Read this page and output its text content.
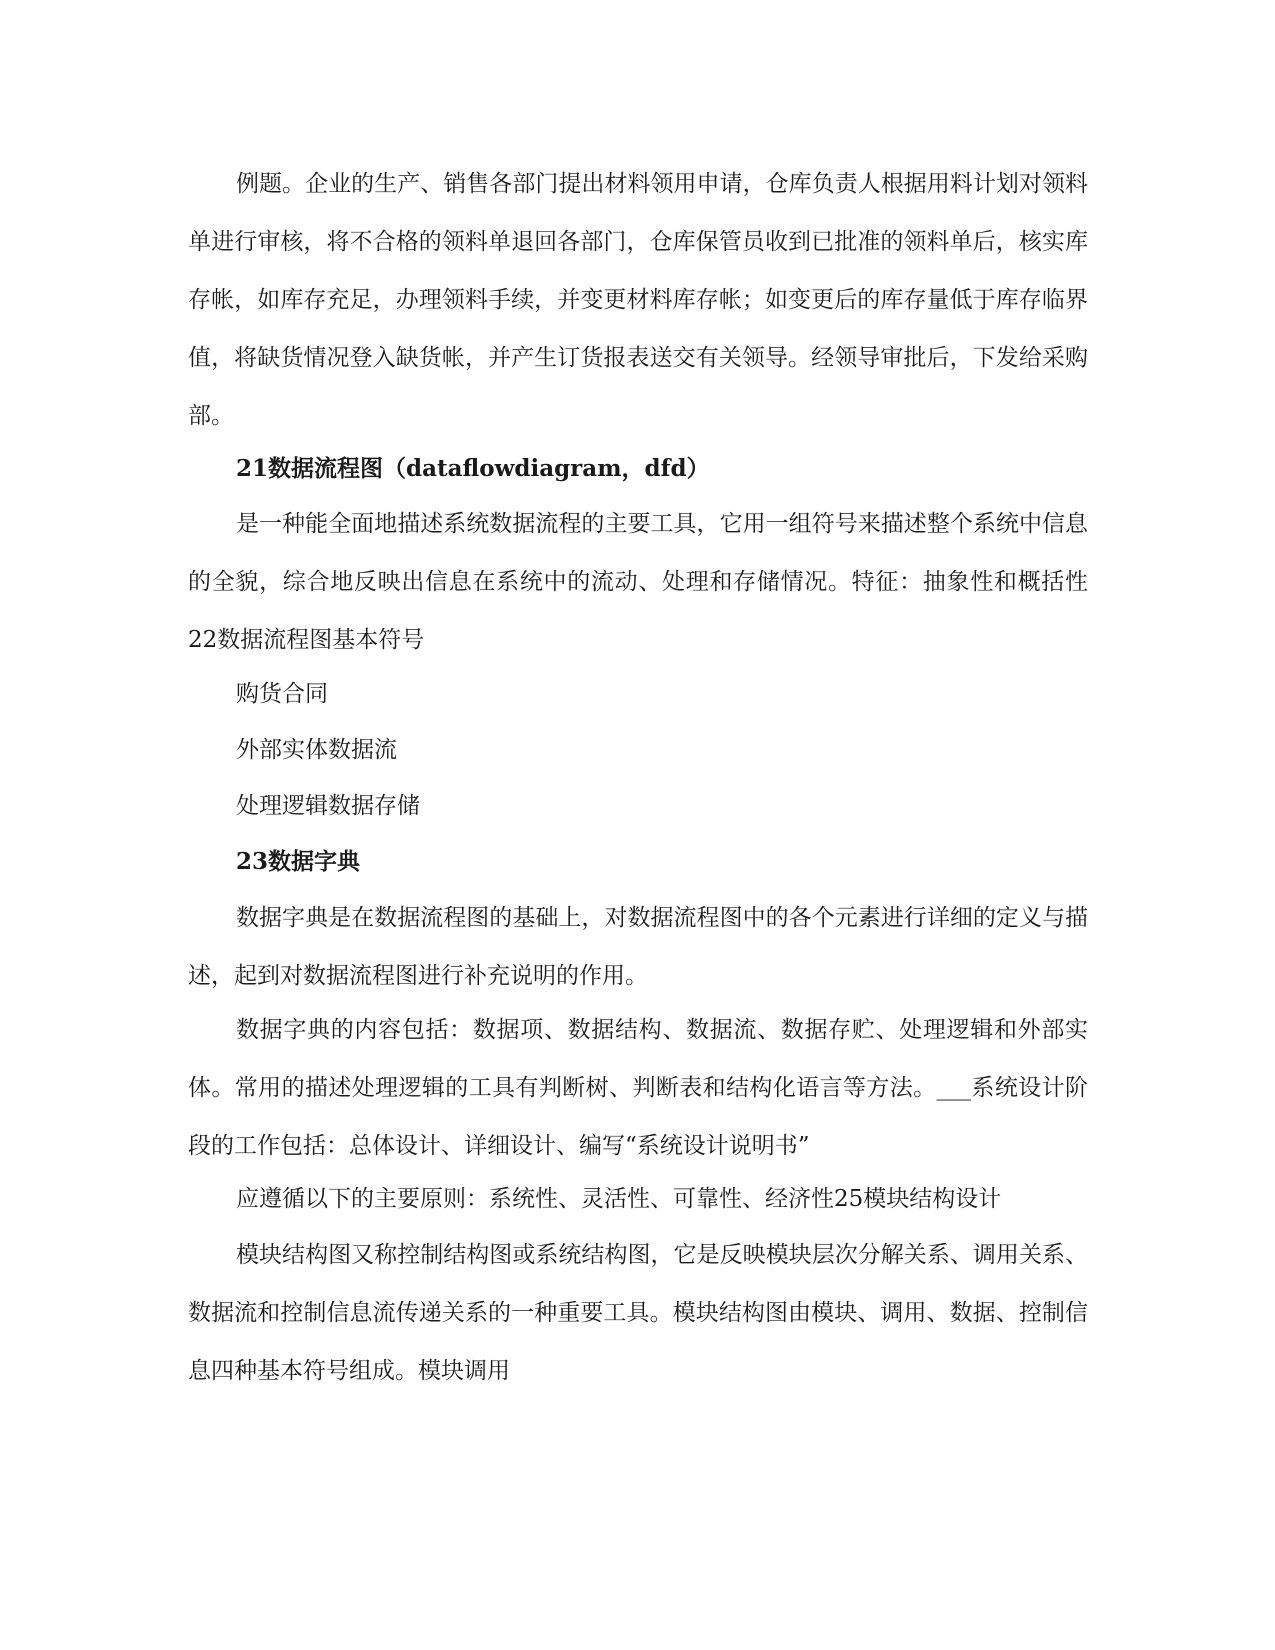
例题。企业的生产、销售各部门提出材料领用申请，仓库负责人根据用料计划对领料单进行审核，将不合格的领料单退回各部门，仓库保管员收到已批准的领料单后，核实库存帐，如库存充足，办理领料手续，并变更材料库存帐；如变更后的库存量低于库存临界值，将缺货情况登入缺货帐，并产生订货报表送交有关领导。经领导审批后，下发给采购部。

21数据流程图（dataflowdiagram，dfd）

是一种能全面地描述系统数据流程的主要工具，它用一组符号来描述整个系统中信息的全貌，综合地反映出信息在系统中的流动、处理和存储情况。特征：抽象性和概括性22数据流程图基本符号

购货合同

外部实体数据流

处理逻辑数据存储

23数据字典

数据字典是在数据流程图的基础上，对数据流程图中的各个元素进行详细的定义与描述，起到对数据流程图进行补充说明的作用。

数据字典的内容包括：数据项、数据结构、数据流、数据存贮、处理逻辑和外部实体。常用的描述处理逻辑的工具有判断树、判断表和结构化语言等方法。___系统设计阶段的工作包括：总体设计、详细设计、编写“系统设计说明书”

应遵循以下的主要原则：系统性、灵活性、可靠性、经济性25模块结构设计

模块结构图又称控制结构图或系统结构图，它是反映模块层次分解关系、调用关系、数据流和控制信息流传递关系的一种重要工具。模块结构图由模块、调用、数据、控制信息四种基本符号组成。模块调用
